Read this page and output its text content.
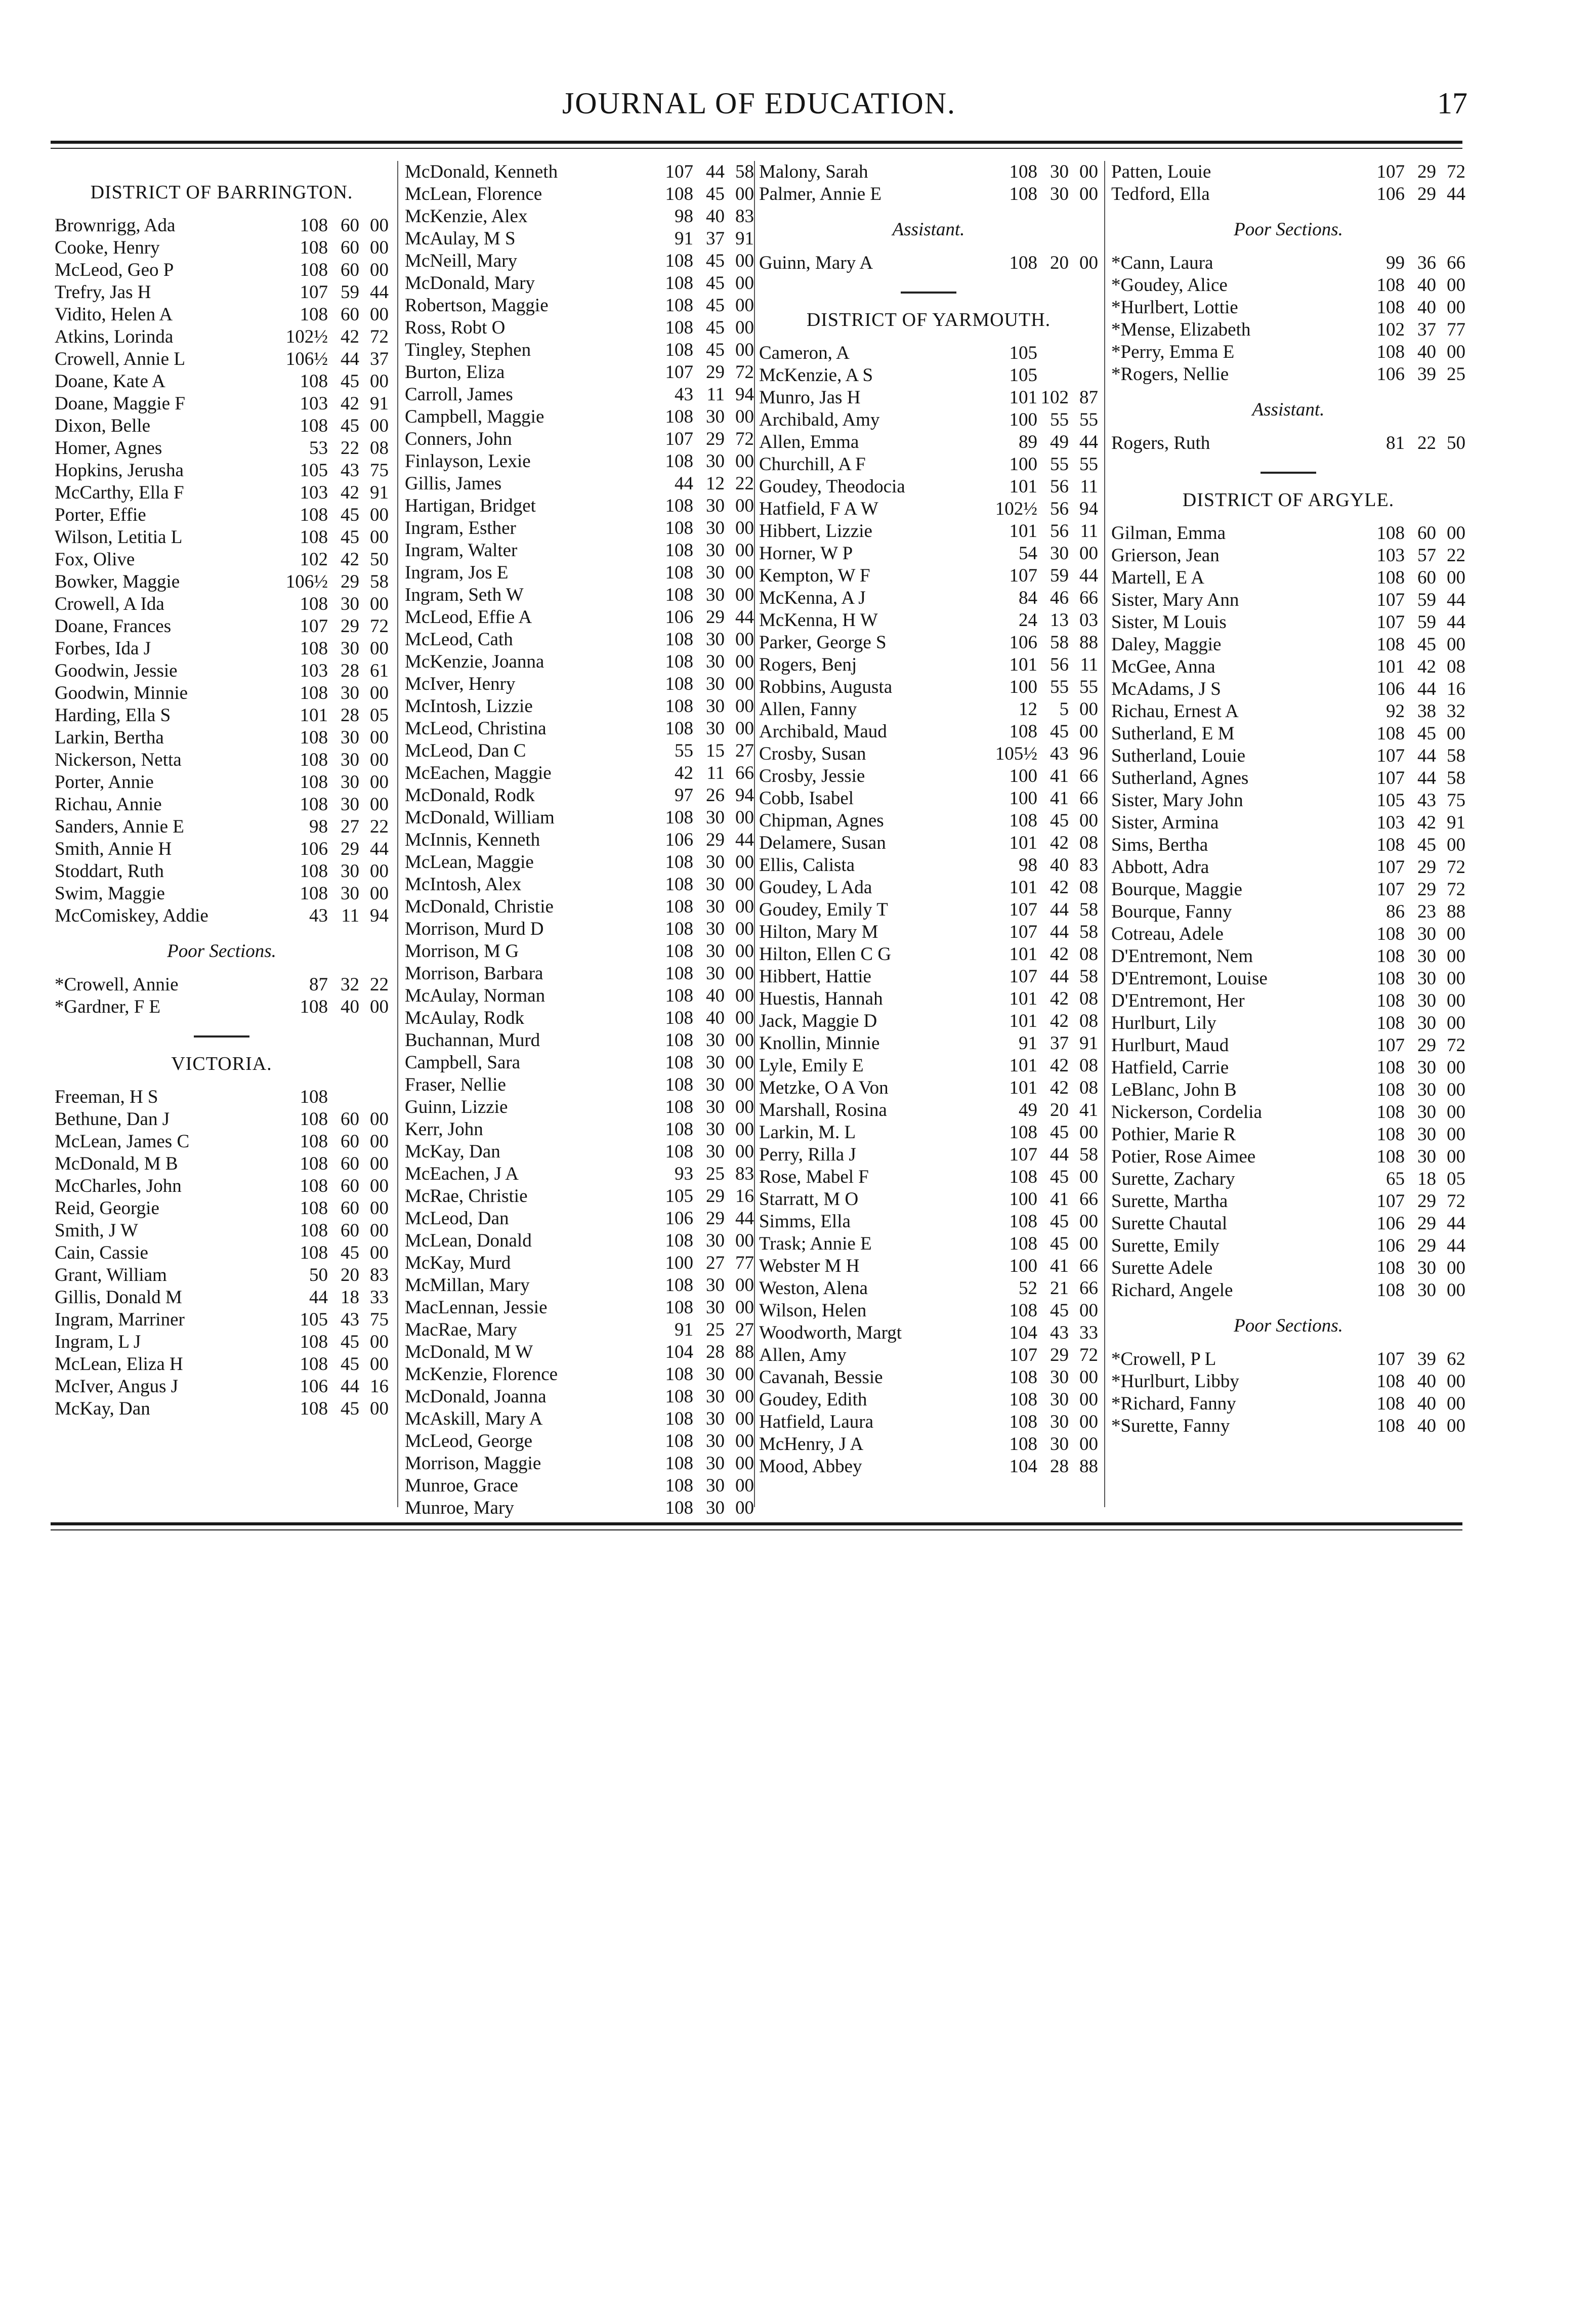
JOURNAL OF EDUCATION.	17
DISTRICT OF BARRINGTON.
Brownrigg, Ada	108 60 00
Cooke, Henry	108 60 00
McLeod, Geo P	108 60 00
Trefry, Jas H	107 59 44
Vidito, Helen A	108 60 00
Atkins, Lorinda	102½ 42 72
Crowell, Annie L	106½ 44 37
Doane, Kate A	108 45 00
Doane, Maggie F	103 42 91
Dixon, Belle	108 45 00
Homer, Agnes	53 22 08
Hopkins, Jerusha	105 43 75
McCarthy, Ella F	103 42 91
Porter, Effie	108 45 00
Wilson, Letitia L	108 45 00
Fox, Olive	102 42 50
Bowker, Maggie	106½ 29 58
Crowell, A Ida	108 30 00
Doane, Frances	107 29 72
Forbes, Ida J	108 30 00
Goodwin, Jessie	103 28 61
Goodwin, Minnie	108 30 00
Harding, Ella S	101 28 05
Larkin, Bertha	108 30 00
Nickerson, Netta	108 30 00
Porter, Annie	108 30 00
Richau, Annie	108 30 00
Sanders, Annie E	98 27 22
Smith, Annie H	106 29 44
Stoddart, Ruth	108 30 00
Swim, Maggie	108 30 00
McComiskey, Addie	43 11 94
Poor Sections.
*Crowell, Annie	87 32 22
*Gardner, F E	108 40 00
VICTORIA.
Freeman, H S	108
Bethune, Dan J	108 60 00
McLean, James C	108 60 00
McDonald, M B	108 60 00
McCharles, John	108 60 00
Reid, Georgie	108 60 00
Smith, J W	108 60 00
Cain, Cassie	108 45 00
Grant, William	50 20 83
Gillis, Donald M	44 18 33
Ingram, Marriner	105 43 75
Ingram, L J	108 45 00
McLean, Eliza H	108 45 00
McIver, Angus J	106 44 16
McKay, Dan	108 45 00
McDonald, Kenneth	107 44 58
McLean, Florence	108 45 00
McKenzie, Alex	98 40 83
McAulay, M S	91 37 91
McNeill, Mary	108 45 00
McDonald, Mary	108 45 00
Robertson, Maggie	108 45 00
Ross, Robt O	108 45 00
Tingley, Stephen	108 45 00
Burton, Eliza	107 29 72
Carroll, James	43 11 94
Campbell, Maggie	108 30 00
Conners, John	107 29 72
Finlayson, Lexie	108 30 00
Gillis, James	44 12 22
Hartigan, Bridget	108 30 00
Ingram, Esther	108 30 00
Ingram, Walter	108 30 00
Ingram, Jos E	108 30 00
Ingram, Seth W	108 30 00
McLeod, Effie A	106 29 44
McLeod, Cath	108 30 00
McKenzie, Joanna	108 30 00
McIver, Henry	108 30 00
McIntosh, Lizzie	108 30 00
McLeod, Christina	108 30 00
McLeod, Dan C	55 15 27
McEachen, Maggie	42 11 66
McDonald, Rodk	97 26 94
McDonald, William	108 30 00
McInnis, Kenneth	106 29 44
McLean, Maggie	108 30 00
McIntosh, Alex	108 30 00
McDonald, Christie	108 30 00
Morrison, Murd D	108 30 00
Morrison, M G	108 30 00
Morrison, Barbara	108 30 00
McAulay, Norman	108 40 00
McAulay, Rodk	108 40 00
Buchannan, Murd	108 30 00
Campbell, Sara	108 30 00
Fraser, Nellie	108 30 00
Guinn, Lizzie	108 30 00
Kerr, John	108 30 00
McKay, Dan	108 30 00
McEachen, J A	93 25 83
McRae, Christie	105 29 16
McLeod, Dan	106 29 44
McLean, Donald	108 30 00
McKay, Murd	100 27 77
McMillan, Mary	108 30 00
MacLennan, Jessie	108 30 00
MacRae, Mary	91 25 27
McDonald, M W	104 28 88
McKenzie, Florence	108 30 00
McDonald, Joanna	108 30 00
McAskill, Mary A	108 30 00
McLeod, George	108 30 00
Morrison, Maggie	108 30 00
Munroe, Grace	108 30 00
Munroe, Mary	108 30 00
Malony, Sarah	108 30 00
Palmer, Annie E	108 30 00
Assistant.
Guinn, Mary A	108 20 00
DISTRICT OF YARMOUTH.
Cameron, A	105
McKenzie, A S	105
Munro, Jas H	101 102 87
Archibald, Amy	100 55 55
Allen, Emma	89 49 44
Churchill, A F	100 55 55
Goudey, Theodocia	101 56 11
Hatfield, F A W	102½ 56 94
Hibbert, Lizzie	101 56 11
Horner, W P	54 30 00
Kempton, W F	107 59 44
McKenna, A J	84 46 66
McKenna, H W	24 13 03
Parker, George S	106 58 88
Rogers, Benj	101 56 11
Robbins, Augusta	100 55 55
Allen, Fanny	12	5 00
Archibald, Maud	108 45 00
Crosby, Susan	105½ 43 96
Crosby, Jessie	100 41 66
Cobb, Isabel	100 41 66
Chipman, Agnes	108 45 00
Delamere, Susan	101 42 08
Ellis, Calista	98 40 83
Goudey, L Ada	101 42 08
Goudey, Emily T	107 44 58
Hilton, Mary M	107 44 58
Hilton, Ellen C G	101 42 08
Hibbert, Hattie	107 44 58
Huestis, Hannah	101 42 08
Jack, Maggie D	101 42 08
Knollin, Minnie	91 37 91
Lyle, Emily E	101 42 08
Metzke, O A Von	101 42 08
Marshall, Rosina	49 20 41
Larkin, M. L	108 45 00
Perry, Rilla J	107 44 58
Rose, Mabel F	108 45 00
Starratt, M O	100 41 66
Simms, Ella	108 45 00
Trask; Annie E	108 45 00
Webster M H	100 41 66
Weston, Alena	52 21 66
Wilson, Helen	108 45 00
Woodworth, Margt	104 43 33
Allen, Amy	107 29 72
Cavanah, Bessie	108 30 00
Goudey, Edith	108 30 00
Hatfield, Laura	108 30 00
McHenry, J A	108 30 00
Mood, Abbey	104 28 88
Patten, Louie	107 29 72
Tedford, Ella	106 29 44
Poor Sections.
*Cann, Laura	99 36 66
*Goudey, Alice	108 40 00
*Hurlbert, Lottie	108 40 00
*Mense, Elizabeth	102 37 77
*Perry, Emma E	108 40 00
*Rogers, Nellie	106 39 25
Assistant.
Rogers, Ruth	81 22 50
DISTRICT OF ARGYLE.
Gilman, Emma	108 60 00
Grierson, Jean	103 57 22
Martell, E A	108 60 00
Sister, Mary Ann	107 59 44
Sister, M Louis	107 59 44
Daley, Maggie	108 45 00
McGee, Anna	101 42 08
McAdams, J S	106 44 16
Richau, Ernest A	92 38 32
Sutherland, E M	108 45 00
Sutherland, Louie	107 44 58
Sutherland, Agnes	107 44 58
Sister, Mary John	105 43 75
Sister, Armina	103 42 91
Sims, Bertha	108 45 00
Abbott, Adra	107 29 72
Bourque, Maggie	107 29 72
Bourque, Fanny	86 23 88
Cotreau, Adele	108 30 00
D'Entremont, Nem	108 30 00
D'Entremont, Louise	108 30 00
D'Entremont, Her	108 30 00
Hurlburt, Lily	108 30 00
Hurlburt, Maud	107 29 72
Hatfield, Carrie	108 30 00
LeBlanc, John B	108 30 00
Nickerson, Cordelia	108 30 00
Pothier, Marie R	108 30 00
Potier, Rose Aimee	108 30 00
Surette, Zachary	65 18 05
Surette, Martha	107 29 72
Surette Chautal	106 29 44
Surette, Emily	106 29 44
Surette Adele	108 30 00
Richard, Angele	108 30 00
Poor Sections.
*Crowell, P L	107 39 62
*Hurlburt, Libby	108 40 00
*Richard, Fanny	108 40 00
*Surette, Fanny	108 40 00
